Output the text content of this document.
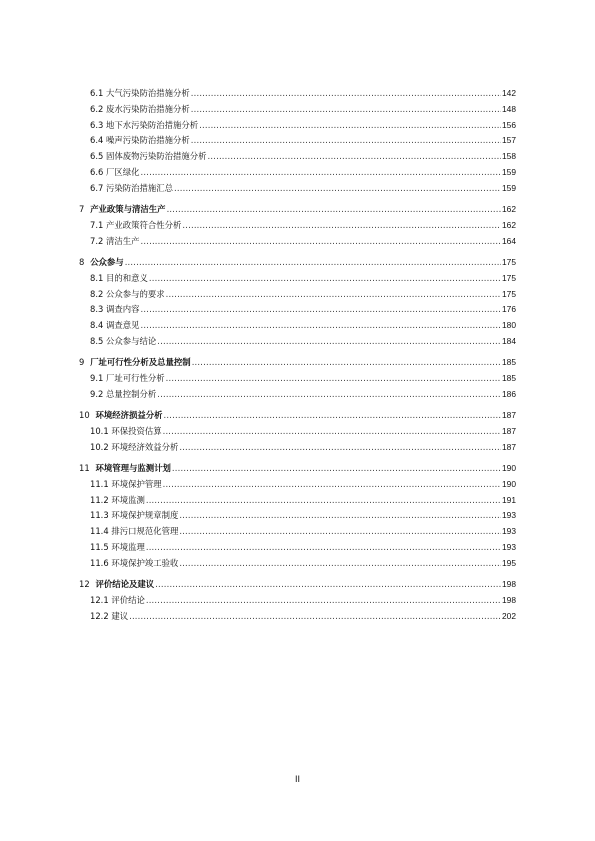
6.1 大气污染防治措施分析 .....	142
6.2 废水污染防治措施分析 .....	148
6.3 地下水污染防治措施分析 .....	156
6.4 噪声污染防治措施分析 .....	157
6.5 固体废物污染防治措施分析 .....	158
6.6 厂区绿化 .....	159
6.7 污染防治措施汇总 .....	159
7 产业政策与清洁生产 .....	162
7.1 产业政策符合性分析 .....	162
7.2 清洁生产 .....	164
8 公众参与 .....	175
8.1 目的和意义 .....	175
8.2 公众参与的要求 .....	175
8.3 调查内容 .....	176
8.4 调查意见 .....	180
8.5 公众参与结论 .....	184
9 厂址可行性分析及总量控制 .....	185
9.1 厂址可行性分析 .....	185
9.2 总量控制分析 .....	186
10 环境经济损益分析 .....	187
10.1 环保投资估算 .....	187
10.2 环境经济效益分析 .....	187
11 环境管理与监测计划 .....	190
11.1 环境保护管理 .....	190
11.2 环境监测 .....	191
11.3 环境保护规章制度 .....	193
11.4 排污口规范化管理 .....	193
11.5 环境监理 .....	193
11.6 环境保护竣工验收 .....	195
12 评价结论及建议 .....	198
12.1 评价结论 .....	198
12.2 建议 .....	202
II
